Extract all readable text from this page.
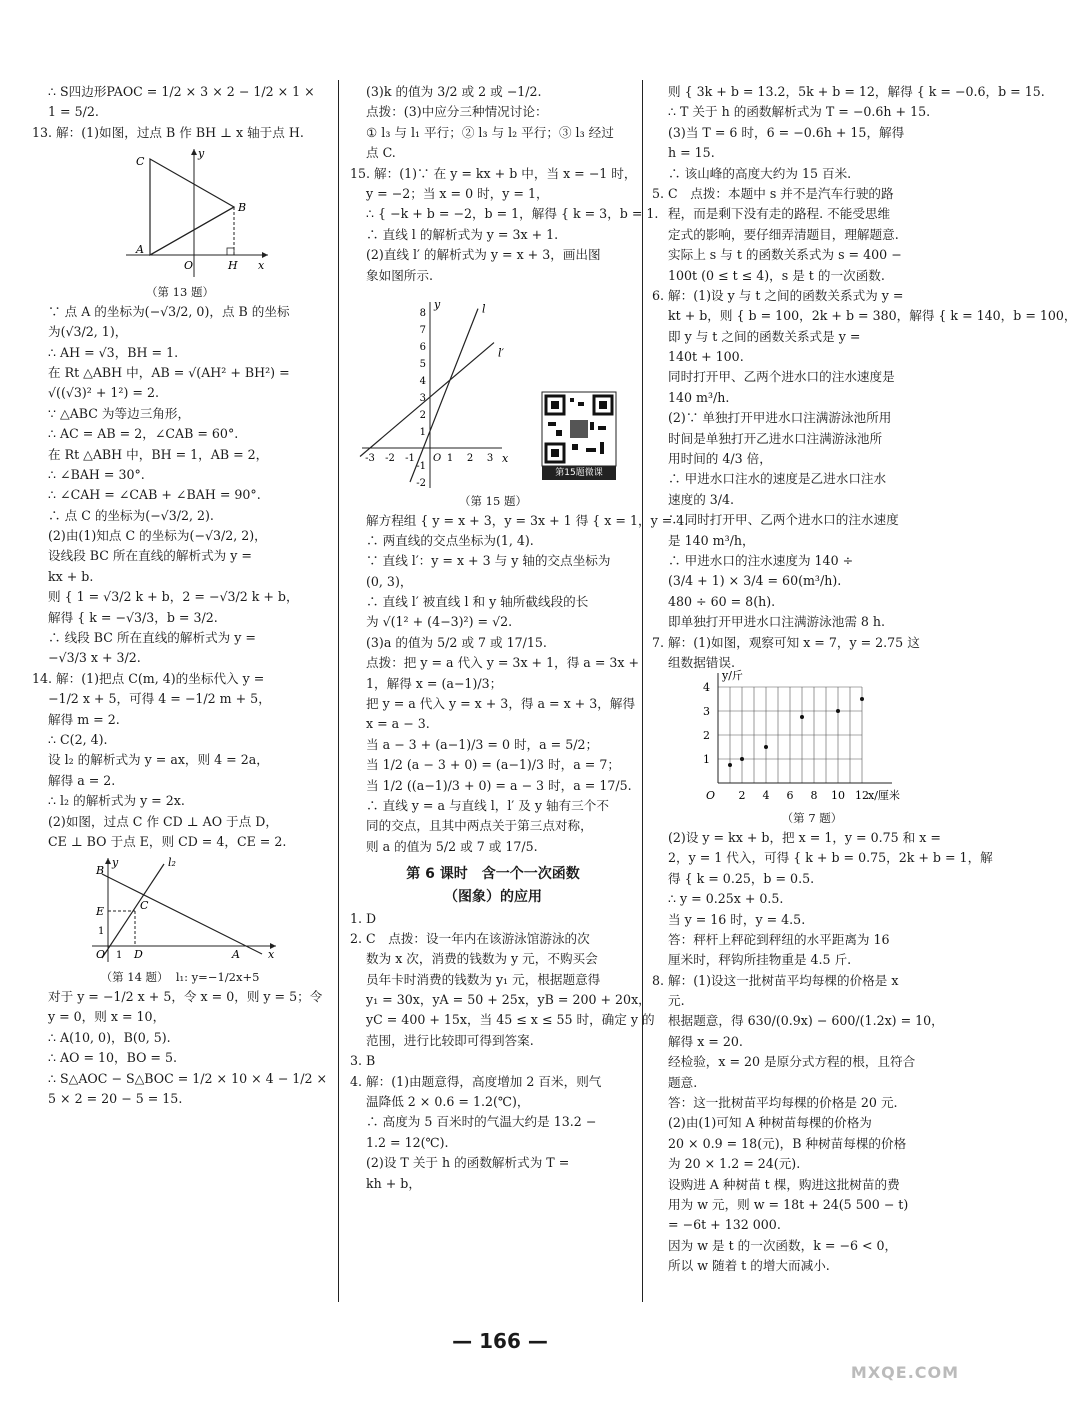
∴ S四边形PAOC = 1/2 × 3 × 2 − 1/2 × 1 ×
1 = 5/2.
13. 解：(1)如图，过点 B 作 BH ⊥ x 轴于点 H.
C
A
B
O	H x
y
（第 13 题）
∵ 点 A 的坐标为(−√3/2, 0)，点 B 的坐标
为(√3/2, 1)，
∴ AH = √3，BH = 1.
在 Rt △ABH 中，AB = √(AH² + BH²) =
√((√3)² + 1²) = 2.
∵ △ABC 为等边三角形，
∴ AC = AB = 2，∠CAB = 60°.
在 Rt △ABH 中，BH = 1，AB = 2，
∴ ∠BAH = 30°.
∴ ∠CAH = ∠CAB + ∠BAH = 90°.
∴ 点 C 的坐标为(−√3/2, 2).
(2)由(1)知点 C 的坐标为(−√3/2, 2)，
设线段 BC 所在直线的解析式为 y =
kx + b.
则 { 1 = √3/2 k + b，2 = −√3/2 k + b，
解得 { k = −√3/3，b = 3/2.
∴ 线段 BC 所在直线的解析式为 y =
−√3/3 x + 3/2.
14. 解：(1)把点 C(m, 4)的坐标代入 y =
−1/2 x + 5，可得 4 = −1/2 m + 5，
解得 m = 2.
∴ C(2, 4).
设 l₂ 的解析式为 y = ax，则 4 = 2a，
解得 a = 2.
∴ l₂ 的解析式为 y = 2x.
(2)如图，过点 C 作 CD ⊥ AO 于点 D，
CE ⊥ BO 于点 E，则 CD = 4，CE = 2.
B
E	C
l₂
1
O 1 D	A	x
y
（第 14 题） l₁: y=−1/2x+5
对于 y = −1/2 x + 5，令 x = 0，则 y = 5；令
y = 0，则 x = 10，
∴ A(10, 0)，B(0, 5).
∴ AO = 10，BO = 5.
∴ S△AOC − S△BOC = 1/2 × 10 × 4 − 1/2 ×
5 × 2 = 20 − 5 = 15.
(3)k 的值为 3/2 或 2 或 −1/2.
点拨：(3)中应分三种情况讨论：
① l₃ 与 l₁ 平行；② l₃ 与 l₂ 平行；③ l₃ 经过
点 C.
15. 解：(1)∵ 在 y = kx + b 中，当 x = −1 时，
y = −2；当 x = 0 时，y = 1，
∴ { −k + b = −2，b = 1，解得 { k = 3，b = 1.
∴ 直线 l 的解析式为 y = 3x + 1.
(2)直线 l′ 的解析式为 y = x + 3，画出图
象如图所示.
x
y
O
-3 -2 -1	1 2 3
-2
-1
1
2
3
4
5
6
7
8	l
l′
第15题微课
（第 15 题）
解方程组 { y = x + 3，y = 3x + 1 得 { x = 1，y = 4.
∴ 两直线的交点坐标为(1, 4).
∵ 直线 l′：y = x + 3 与 y 轴的交点坐标为
(0, 3)，
∴ 直线 l′ 被直线 l 和 y 轴所截线段的长
为 √(1² + (4−3)²) = √2.
(3)a 的值为 5/2 或 7 或 17/15.
点拨：把 y = a 代入 y = 3x + 1，得 a = 3x +
1，解得 x = (a−1)/3；
把 y = a 代入 y = x + 3，得 a = x + 3，解得
x = a − 3.
当 a − 3 + (a−1)/3 = 0 时，a = 5/2；
当 1/2 (a − 3 + 0) = (a−1)/3 时，a = 7；
当 1/2 ((a−1)/3 + 0) = a − 3 时，a = 17/5.
∴ 直线 y = a 与直线 l，l′ 及 y 轴有三个不
同的交点，且其中两点关于第三点对称，
则 a 的值为 5/2 或 7 或 17/5.
第 6 课时　含一个一次函数
（图象）的应用
1. D
2. C　点拨：设一年内在该游泳馆游泳的次
数为 x 次，消费的钱数为 y 元，不购买会
员年卡时消费的钱数为 y₁ 元，根据题意得
y₁ = 30x，yA = 50 + 25x，yB = 200 + 20x，
yC = 400 + 15x，当 45 ≤ x ≤ 55 时，确定 y 的
范围，进行比较即可得到答案.
3. B
4. 解：(1)由题意得，高度增加 2 百米，则气
温降低 2 × 0.6 = 1.2(℃)，
∴ 高度为 5 百米时的气温大约是 13.2 −
1.2 = 12(℃).
(2)设 T 关于 h 的函数解析式为 T =
kh + b，
则 { 3k + b = 13.2，5k + b = 12，解得 { k = −0.6，b = 15.
∴ T 关于 h 的函数解析式为 T = −0.6h + 15.
(3)当 T = 6 时，6 = −0.6h + 15，解得
h = 15.
∴ 该山峰的高度大约为 15 百米.
5. C　点拨：本题中 s 并不是汽车行驶的路
程，而是剩下没有走的路程. 不能受思维
定式的影响，要仔细弄清题目，理解题意.
实际上 s 与 t 的函数关系式为 s = 400 −
100t (0 ≤ t ≤ 4)，s 是 t 的一次函数.
6. 解：(1)设 y 与 t 之间的函数关系式为 y =
kt + b，则 { b = 100，2k + b = 380，解得 { k = 140，b = 100，
即 y 与 t 之间的函数关系式是 y =
140t + 100.
同时打开甲、乙两个进水口的注水速度是
140 m³/h.
(2)∵ 单独打开甲进水口注满游泳池所用
时间是单独打开乙进水口注满游泳池所
用时间的 4/3 倍，
∴ 甲进水口注水的速度是乙进水口注水
速度的 3/4.
∵ 同时打开甲、乙两个进水口的注水速度
是 140 m³/h，
∴ 甲进水口的注水速度为 140 ÷
(3/4 + 1) × 3/4 = 60(m³/h).
480 ÷ 60 = 8(h).
即单独打开甲进水口注满游泳池需 8 h.
7. 解：(1)如图，观察可知 x = 7，y = 2.75 这
组数据错误.
y/斤
x/厘米
O 2 4 6 8 10 12
1
2
3
4
（第 7 题）
(2)设 y = kx + b，把 x = 1，y = 0.75 和 x =
2，y = 1 代入，可得 { k + b = 0.75，2k + b = 1，解
得 { k = 0.25，b = 0.5.
∴ y = 0.25x + 0.5.
当 y = 16 时，y = 4.5.
答：秤杆上秤砣到秤纽的水平距离为 16
厘米时，秤钩所挂物重是 4.5 斤.
8. 解：(1)设这一批树苗平均每棵的价格是 x
元.
根据题意，得 630/(0.9x) − 600/(1.2x) = 10，
解得 x = 20.
经检验，x = 20 是原分式方程的根，且符合
题意.
答：这一批树苗平均每棵的价格是 20 元.
(2)由(1)可知 A 种树苗每棵的价格为
20 × 0.9 = 18(元)，B 种树苗每棵的价格
为 20 × 1.2 = 24(元).
设购进 A 种树苗 t 棵，购进这批树苗的费
用为 w 元，则 w = 18t + 24(5 500 − t)
= −6t + 132 000.
因为 w 是 t 的一次函数，k = −6 < 0，
所以 w 随着 t 的增大而减小.
— 166 —
MXQE.COM
